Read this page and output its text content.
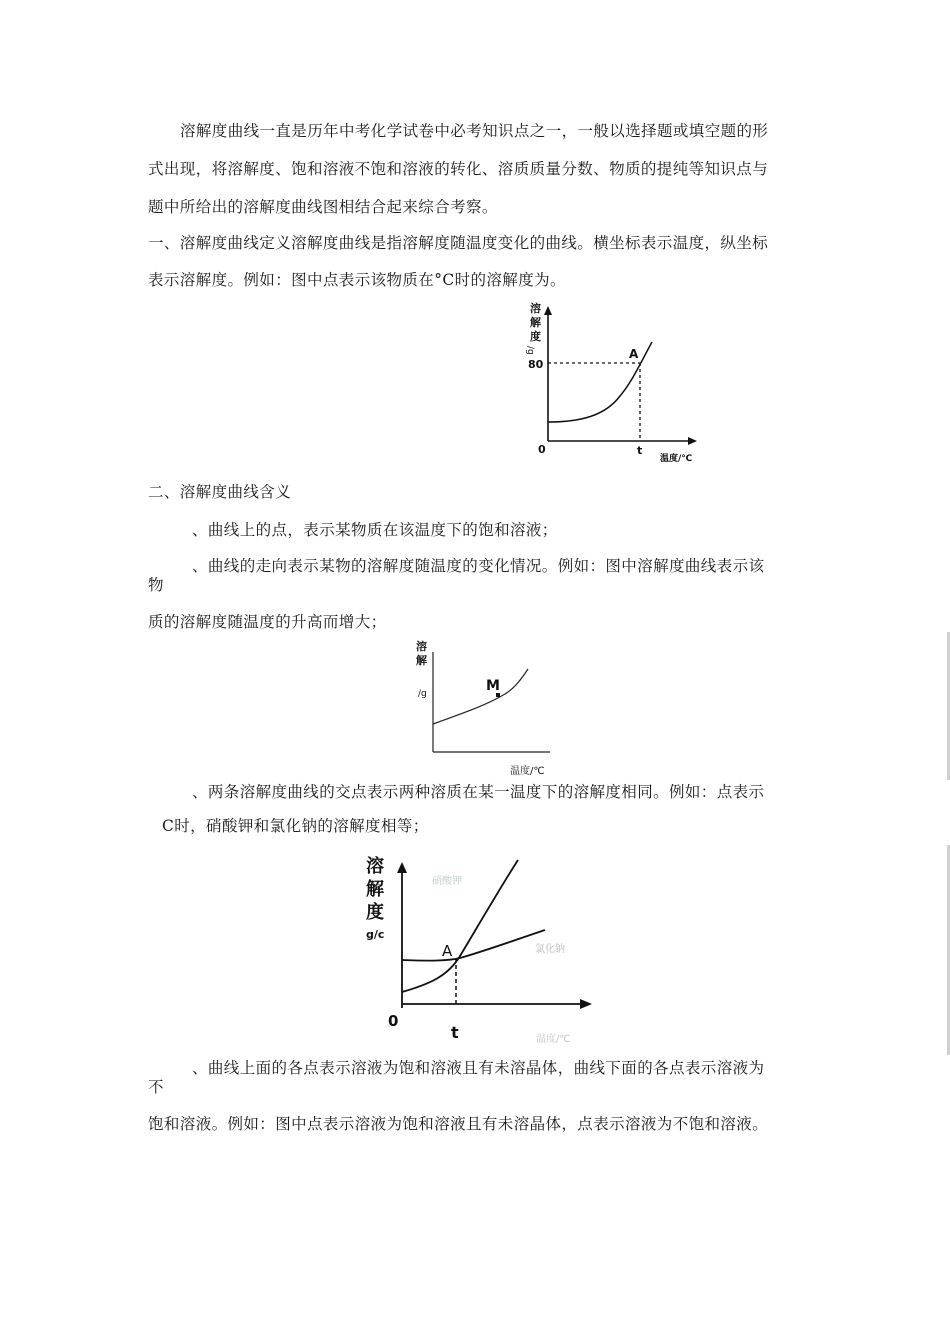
溶解度曲线一直是历年中考化学试卷中必考知识点之一，一般以选择题或填空题的形
式出现，将溶解度、饱和溶液不饱和溶液的转化、溶质质量分数、物质的提纯等知识点与
题中所给出的溶解度曲线图相结合起来综合考察。
一、溶解度曲线定义溶解度曲线是指溶解度随温度变化的曲线。横坐标表示温度，纵坐标
表示溶解度。例如：图中点表示该物质在°C时的溶解度为。
溶
解
度
/g	A
80
0	t
温度/℃
二、溶解度曲线含义
、曲线上的点，表示某物质在该温度下的饱和溶液；
、曲线的走向表示某物的溶解度随温度的变化情况。例如：图中溶解度曲线表示该
物
质的溶解度随温度的升高而增大；
溶
解
/g	M
温度/℃
、两条溶解度曲线的交点表示两种溶质在某一温度下的溶解度相同。例如：点表示
C时，硝酸钾和氯化钠的溶解度相等；
溶
解
度
g/c
A
0
t
硝酸钾
氯化钠
温度/℃
、曲线上面的各点表示溶液为饱和溶液且有未溶晶体，曲线下面的各点表示溶液为
不
饱和溶液。例如：图中点表示溶液为饱和溶液且有未溶晶体，点表示溶液为不饱和溶液。
